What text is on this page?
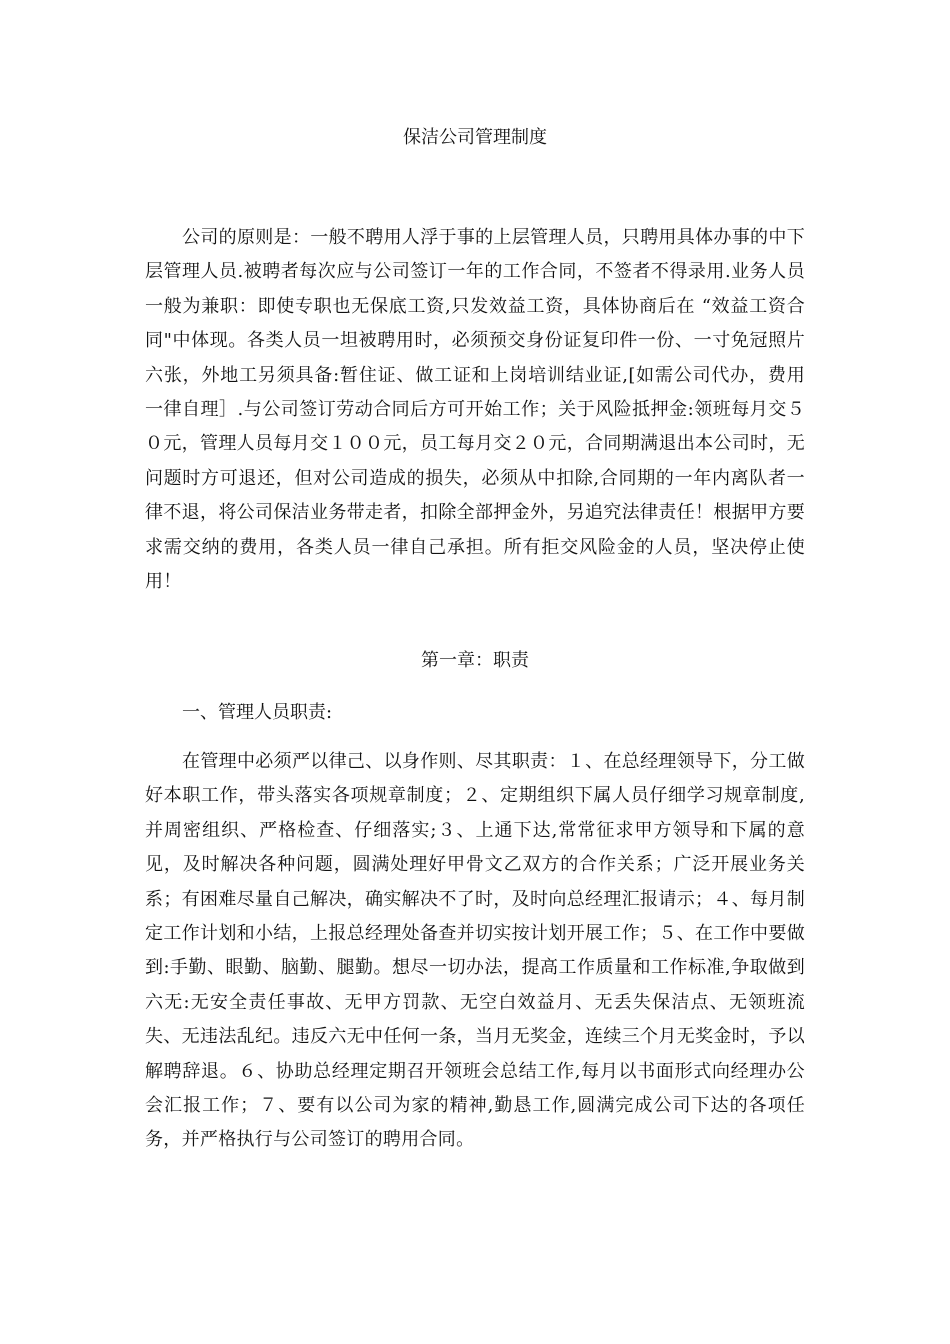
保洁公司管理制度

公司的原则是：一般不聘用人浮于事的上层管理人员，只聘用具体办事的中下层管理人员.被聘者每次应与公司签订一年的工作合同，不签者不得录用.业务人员一般为兼职：即使专职也无保底工资,只发效益工资，具体协商后在 “效益工资合同"中体现。各类人员一坦被聘用时，必须预交身份证复印件一份、一寸免冠照片六张，外地工另须具备:暂住证、做工证和上岗培训结业证,[如需公司代办，费用一律自理］.与公司签订劳动合同后方可开始工作；关于风险抵押金:领班每月交５０元，管理人员每月交１００元，员工每月交２０元，合同期满退出本公司时，无问题时方可退还，但对公司造成的损失，必须从中扣除,合同期的一年内离队者一律不退，将公司保洁业务带走者，扣除全部押金外，另追究法律责任！根据甲方要求需交纳的费用，各类人员一律自己承担。所有拒交风险金的人员，坚决停止使用！

第一章：职责
一、管理人员职责:

在管理中必须严以律己、以身作则、尽其职责：１、在总经理领导下，分工做好本职工作，带头落实各项规章制度；２、定期组织下属人员仔细学习规章制度,并周密组织、严格检查、仔细落实;３、上通下达,常常征求甲方领导和下属的意见，及时解决各种问题，圆满处理好甲骨文乙双方的合作关系；广泛开展业务关系；有困难尽量自己解决，确实解决不了时，及时向总经理汇报请示；４、每月制定工作计划和小结，上报总经理处备查并切实按计划开展工作；５、在工作中要做到:手勤、眼勤、脑勤、腿勤。想尽一切办法，提高工作质量和工作标准,争取做到六无:无安全责任事故、无甲方罚款、无空白效益月、无丢失保洁点、无领班流失、无违法乱纪。违反六无中任何一条，当月无奖金，连续三个月无奖金时，予以解聘辞退。６、协助总经理定期召开领班会总结工作,每月以书面形式向经理办公会汇报工作；７、要有以公司为家的精神,勤恳工作,圆满完成公司下达的各项任务，并严格执行与公司签订的聘用合同。
